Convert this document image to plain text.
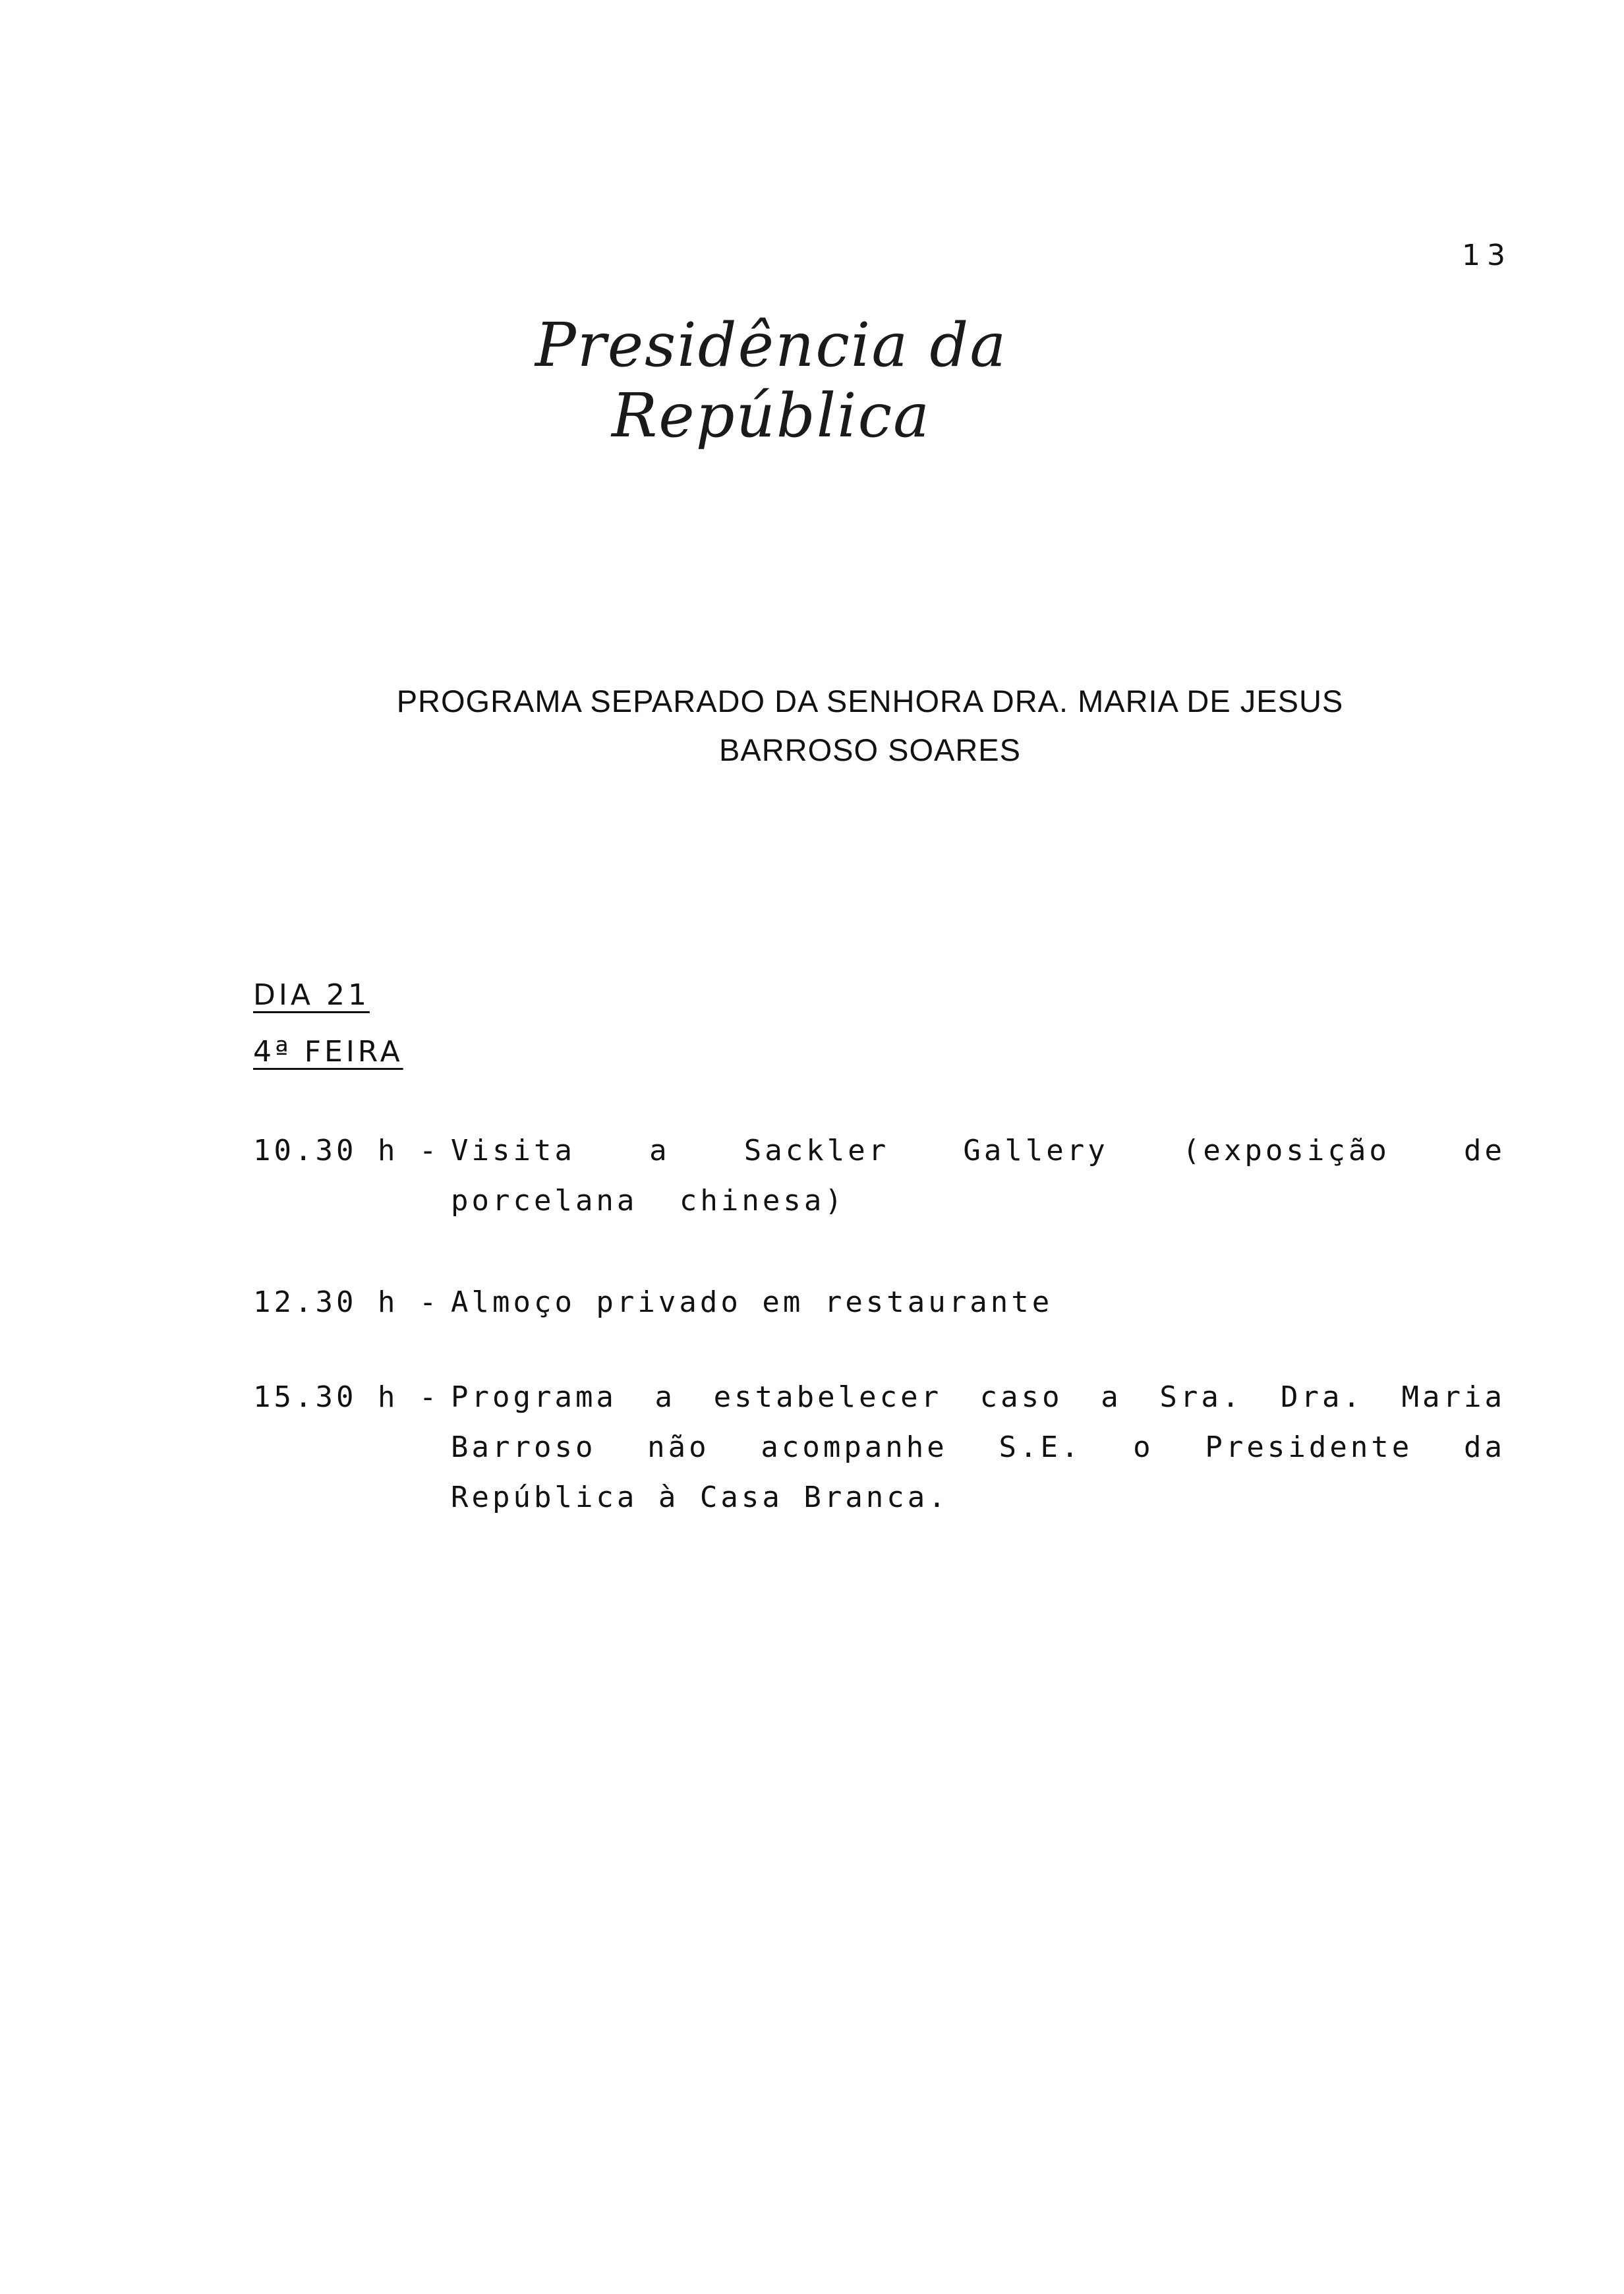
13
Presidência da República
PROGRAMA SEPARADO DA SENHORA DRA. MARIA DE JESUS
BARROSO SOARES
DIA 21
4ª FEIRA
10.30 h - Visita a Sackler Gallery (exposição de porcelana chinesa)
12.30 h - Almoço privado em restaurante
15.30 h - Programa a estabelecer caso a Sra. Dra. Maria Barroso não acompanhe S.E. o Presidente da República à Casa Branca.
